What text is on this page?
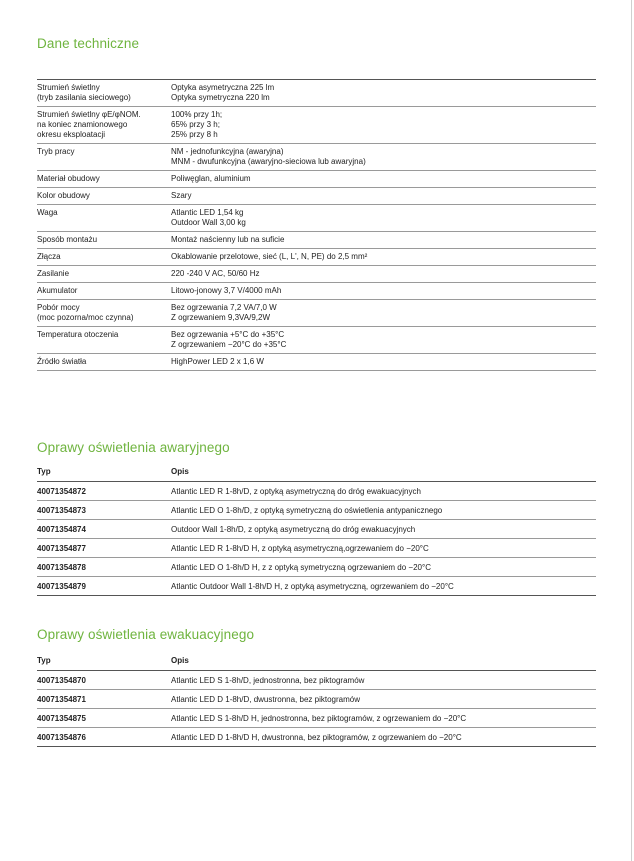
Dane techniczne
Strumień świetlny
(tryb zasilania sieciowego)	Optyka asymetryczna 225 lm
Optyka symetryczna 220 lm

Strumień świetlny φE/φNOM.
na koniec znamionowego
okresu eksploatacji	100% przy 1h;
65% przy 3 h;
25% przy 8 h

Tryb pracy	NM - jednofunkcyjna (awaryjna)
MNM - dwufunkcyjna (awaryjno-sieciowa lub awaryjna)

Materiał obudowy	Poliwęglan, aluminium

Kolor obudowy	Szary

Waga	Atlantic LED 1,54 kg
Outdoor Wall 3,00 kg

Sposób montażu	Montaż naścienny lub na suficie

Złącza	Okablowanie przelotowe, sieć (L, L', N, PE) do 2,5 mm²

Zasilanie	220 -240 V AC, 50/60 Hz

Akumulator	Litowo-jonowy 3,7 V/4000 mAh

Pobór mocy
(moc pozorna/moc czynna)	Bez ogrzewania 7,2 VA/7,0 W
Z ogrzewaniem 9,3VA/9,2W

Temperatura otoczenia	Bez ogrzewania +5°C do +35°C
Z ogrzewaniem −20°C do +35°C

Źródło światła	HighPower LED 2 x 1,6 W
Oprawy oświetlenia awaryjnego
Typ	Opis
40071354872	Atlantic LED R 1-8h/D, z optyką asymetryczną do dróg ewakuacyjnych
40071354873	Atlantic LED O 1-8h/D, z optyką symetryczną do oświetlenia antypanicznego
40071354874	Outdoor Wall 1-8h/D, z optyką asymetryczną do dróg ewakuacyjnych
40071354877	Atlantic LED R 1-8h/D H, z optyką asymetryczną,ogrzewaniem do −20°C
40071354878	Atlantic LED O 1-8h/D H, z z optyką symetryczną ogrzewaniem do −20°C
40071354879	Atlantic Outdoor Wall 1-8h/D H, z optyką asymetryczną, ogrzewaniem do −20°C
Oprawy oświetlenia ewakuacyjnego
Typ	Opis
40071354870	Atlantic LED S 1-8h/D, jednostronna, bez piktogramów
40071354871	Atlantic LED D 1-8h/D, dwustronna, bez piktogramów
40071354875	Atlantic LED S 1-8h/D H, jednostronna, bez piktogramów, z ogrzewaniem do −20°C
40071354876	Atlantic LED D 1-8h/D H, dwustronna, bez piktogramów, z ogrzewaniem do −20°C
